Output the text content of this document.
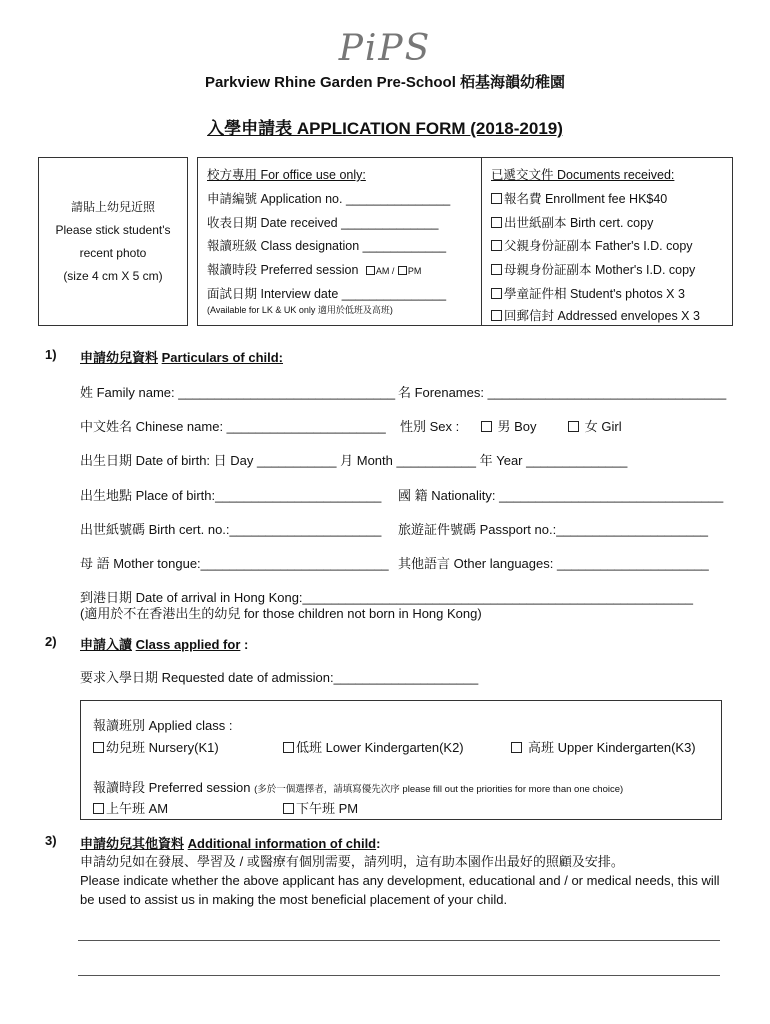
PiPS
Parkview Rhine Garden Pre-School 栢基海韻幼稚園
入學申請表 APPLICATION FORM (2018-2019)
請貼上幼兒近照
Please stick student's
recent photo
(size 4 cm X 5 cm)
校方專用 For office use only:
申請編號 Application no. _______________
收表日期 Date received ______________
報讀班級 Class designation ____________
報讀時段 Preferred session AM / PM
面試日期 Interview date _______________
(Available for LK & UK only 適用於低班及高班)
已遞交文件 Documents received:
報名費 Enrollment fee HK$40
出世紙副本 Birth cert. copy
父親身份証副本 Father's I.D. copy
母親身份証副本 Mother's I.D. copy
學童証件相 Student's photos X 3
回郵信封 Addressed envelopes X 3
1) 申請幼兒資料 Particulars of child:
姓 Family name: ______________________________ 名 Forenames: _________________________________
中文姓名 Chinese name: ______________________ 性別 Sex :	男 Boy	女 Girl
出生日期 Date of birth: 日 Day ___________ 月 Month ___________ 年 Year ______________
出生地點 Place of birth:_______________________ 國 籍 Nationality: _______________________________
出世紙號碼 Birth cert. no.:_____________________ 旅遊証件號碼 Passport no.:_____________________
母 語 Mother tongue:__________________________ 其他語言 Other languages: _____________________
到港日期 Date of arrival in Hong Kong:______________________________________________________
(適用於不在香港出生的幼兒 for those children not born in Hong Kong)
2) 申請入讀 Class applied for :
要求入學日期 Requested date of admission:____________________
報讀班別 Applied class :
幼兒班 Nursery(K1)	低班 Lower Kindergarten(K2)	高班 Upper Kindergarten(K3)
報讀時段 Preferred session (多於一個選擇者，請填寫優先次序 please fill out the priorities for more than one choice)
上午班 AM	下午班 PM
3) 申請幼兒其他資料 Additional information of child:
申請幼兒如在發展、學習及 / 或醫療有個別需要，請列明，這有助本園作出最好的照顧及安排。
Please indicate whether the above applicant has any development, educational and / or medical needs, this will be used to assist us in making the most beneficial placement of your child.
